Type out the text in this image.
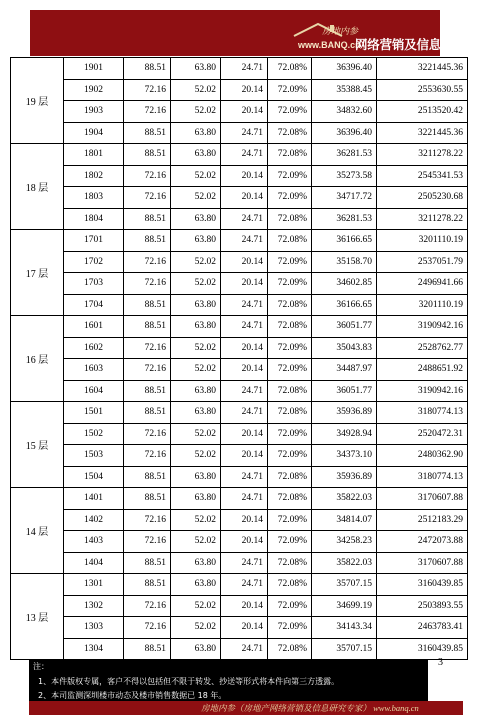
房地内参
www.BANQ.cn
网络营销及信息研究专家
19 层	1901	88.51	63.80	24.71	72.08%	36396.40	3221445.36
	1902	72.16	52.02	20.14	72.09%	35388.45	2553630.55
	1903	72.16	52.02	20.14	72.09%	34832.60	2513520.42
	1904	88.51	63.80	24.71	72.08%	36396.40	3221445.36
18 层	1801	88.51	63.80	24.71	72.08%	36281.53	3211278.22
	1802	72.16	52.02	20.14	72.09%	35273.58	2545341.53
	1803	72.16	52.02	20.14	72.09%	34717.72	2505230.68
	1804	88.51	63.80	24.71	72.08%	36281.53	3211278.22
17 层	1701	88.51	63.80	24.71	72.08%	36166.65	3201110.19
	1702	72.16	52.02	20.14	72.09%	35158.70	2537051.79
	1703	72.16	52.02	20.14	72.09%	34602.85	2496941.66
	1704	88.51	63.80	24.71	72.08%	36166.65	3201110.19
16 层	1601	88.51	63.80	24.71	72.08%	36051.77	3190942.16
	1602	72.16	52.02	20.14	72.09%	35043.83	2528762.77
	1603	72.16	52.02	20.14	72.09%	34487.97	2488651.92
	1604	88.51	63.80	24.71	72.08%	36051.77	3190942.16
15 层	1501	88.51	63.80	24.71	72.08%	35936.89	3180774.13
	1502	72.16	52.02	20.14	72.09%	34928.94	2520472.31
	1503	72.16	52.02	20.14	72.09%	34373.10	2480362.90
	1504	88.51	63.80	24.71	72.08%	35936.89	3180774.13
14 层	1401	88.51	63.80	24.71	72.08%	35822.03	3170607.88
	1402	72.16	52.02	20.14	72.09%	34814.07	2512183.29
	1403	72.16	52.02	20.14	72.09%	34258.23	2472073.88
	1404	88.51	63.80	24.71	72.08%	35822.03	3170607.88
13 层	1301	88.51	63.80	24.71	72.08%	35707.15	3160439.85
	1302	72.16	52.02	20.14	72.09%	34699.19	2503893.55
	1303	72.16	52.02	20.14	72.09%	34143.34	2463783.41
	1304	88.51	63.80	24.71	72.08%	35707.15	3160439.85
3
注：
1、本件版权专属，客户不得以包括但不限于转发、抄送等形式将本件向第三方透露。
2、本司监测深圳楼市动态及楼市销售数据已 18 年。
房地内参（房地产网络营销及信息研究专家） www.banq.cn
